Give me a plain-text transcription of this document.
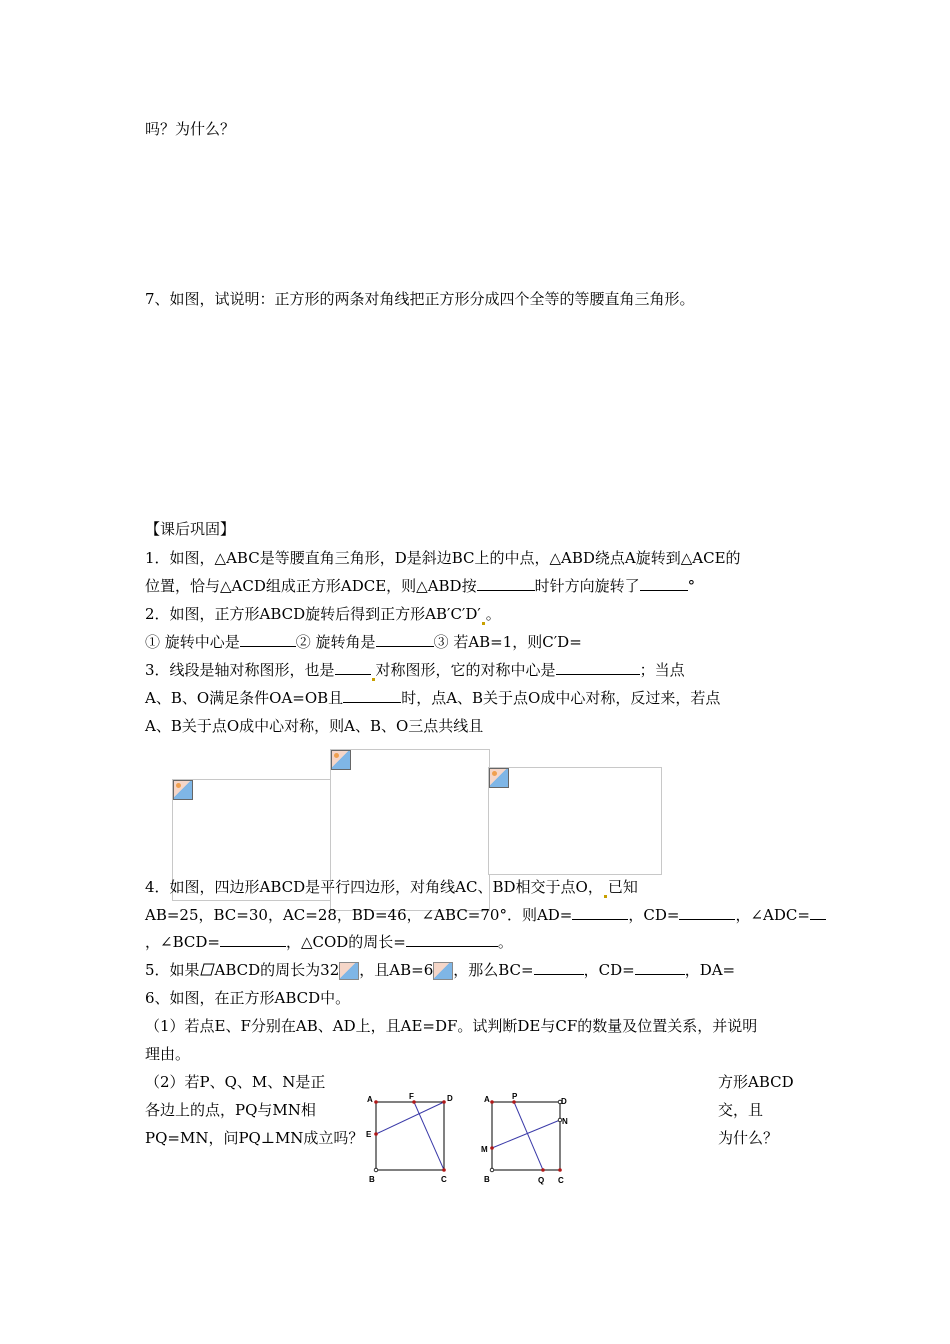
吗？为什么？
7、如图，试说明：正方形的两条对角线把正方形分成四个全等的等腰直角三角形。
【课后巩固】
1．如图，△ABC是等腰直角三角形，D是斜边BC上的中点，△ABD绕点A旋转到△ACE的
位置，恰与△ACD组成正方形ADCE，则△ABD按	时针方向旋转了	°
2．如图，正方形ABCD旋转后得到正方形AB′C′D′ 。
① 旋转中心是	② 旋转角是	③ 若AB=1，则C′D=
3．线段是轴对称图形，也是	对称图形，它的对称中心是	；当点
A、B、O满足条件OA=OB且	时，点A、B关于点O成中心对称，反过来，若点
A、B关于点O成中心对称，则A、B、O三点共线且
4．如图，四边形ABCD是平行四边形，对角线AC、BD相交于点O， 已知
AB=25，BC=30，AC=28，BD=46，∠ABC=70°．则AD=	，CD=	，∠ADC=
，∠BCD=	，△COD的周长=	。
5．如果 ABCD的周长为32 ，且AB=6 ，那么BC=	，CD=	，DA=
6、如图，在正方形ABCD中。
（1）若点E、F分别在AB、AD上，且AE=DF。试判断DE与CF的数量及位置关系，并说明
理由。
（2）若P、Q、M、N是正
各边上的点，PQ与MN相
PQ=MN，问PQ⊥MN成立吗？
方形ABCD
交，且
为什么？
A	D
F
E
B	C
A	P
D
N
M
B	Q C
